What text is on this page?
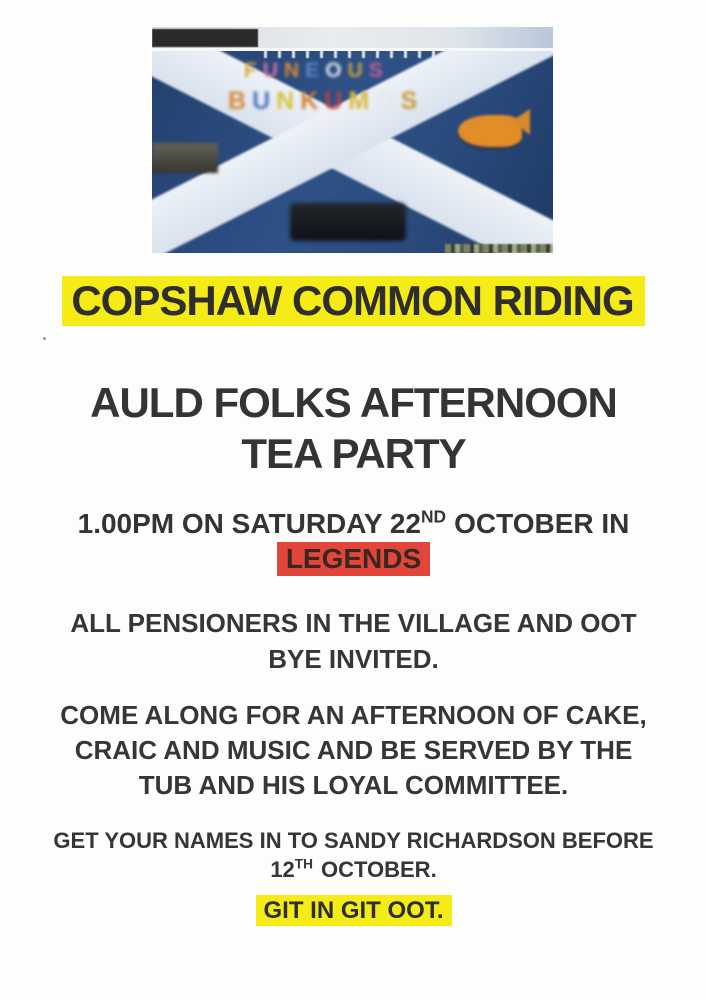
F U N E O U S
B U N K U M O S
COPSHAW COMMON RIDING
AULD FOLKS AFTERNOON
TEA PARTY
1.00PM ON SATURDAY 22ND OCTOBER IN
LEGENDS
ALL PENSIONERS IN THE VILLAGE AND OOT
BYE INVITED.
COME ALONG FOR AN AFTERNOON OF CAKE,
CRAIC AND MUSIC AND BE SERVED BY THE
TUB AND HIS LOYAL COMMITTEE.
GET YOUR NAMES IN TO SANDY RICHARDSON BEFORE
12TH OCTOBER.
GIT IN GIT OOT.
